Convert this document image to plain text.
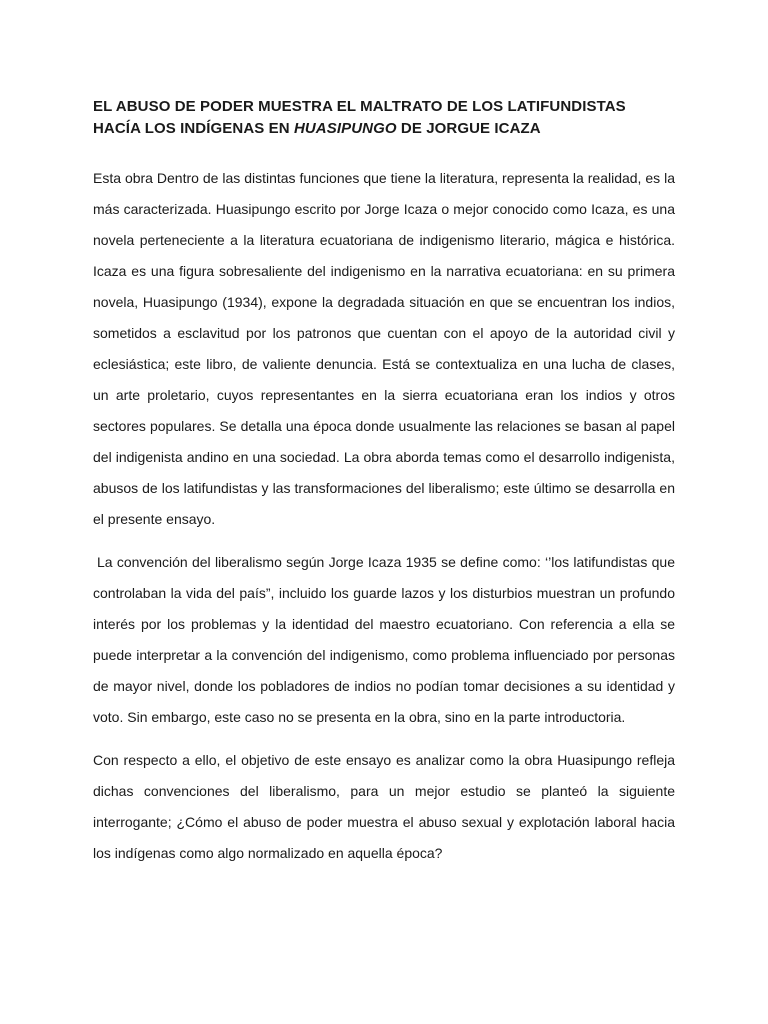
EL ABUSO DE PODER MUESTRA EL MALTRATO DE LOS LATIFUNDISTAS HACÍA LOS INDÍGENAS EN HUASIPUNGO DE JORGUE ICAZA

Esta obra Dentro de las distintas funciones que tiene la literatura, representa la realidad, es la más caracterizada. Huasipungo escrito por Jorge Icaza o mejor conocido como Icaza, es una novela perteneciente a la literatura ecuatoriana de indigenismo literario, mágica e histórica. Icaza es una figura sobresaliente del indigenismo en la narrativa ecuatoriana: en su primera novela, Huasipungo (1934), expone la degradada situación en que se encuentran los indios, sometidos a esclavitud por los patronos que cuentan con el apoyo de la autoridad civil y eclesiástica; este libro, de valiente denuncia. Está se contextualiza en una lucha de clases, un arte proletario, cuyos representantes en la sierra ecuatoriana eran los indios y otros sectores populares. Se detalla una época donde usualmente las relaciones se basan al papel del indigenista andino en una sociedad. La obra aborda temas como el desarrollo indigenista, abusos de los latifundistas y las transformaciones del liberalismo; este último se desarrolla en el presente ensayo.

La convención del liberalismo según Jorge Icaza 1935 se define como: ‘’los latifundistas que controlaban la vida del país”, incluido los guarde lazos y los disturbios muestran un profundo interés por los problemas y la identidad del maestro ecuatoriano. Con referencia a ella se puede interpretar a la convención del indigenismo, como problema influenciado por personas de mayor nivel, donde los pobladores de indios no podían tomar decisiones a su identidad y voto. Sin embargo, este caso no se presenta en la obra, sino en la parte introductoria.

Con respecto a ello, el objetivo de este ensayo es analizar como la obra Huasipungo refleja dichas convenciones del liberalismo, para un mejor estudio se planteó la siguiente interrogante; ¿Cómo el abuso de poder muestra el abuso sexual y explotación laboral hacia los indígenas como algo normalizado en aquella época?
